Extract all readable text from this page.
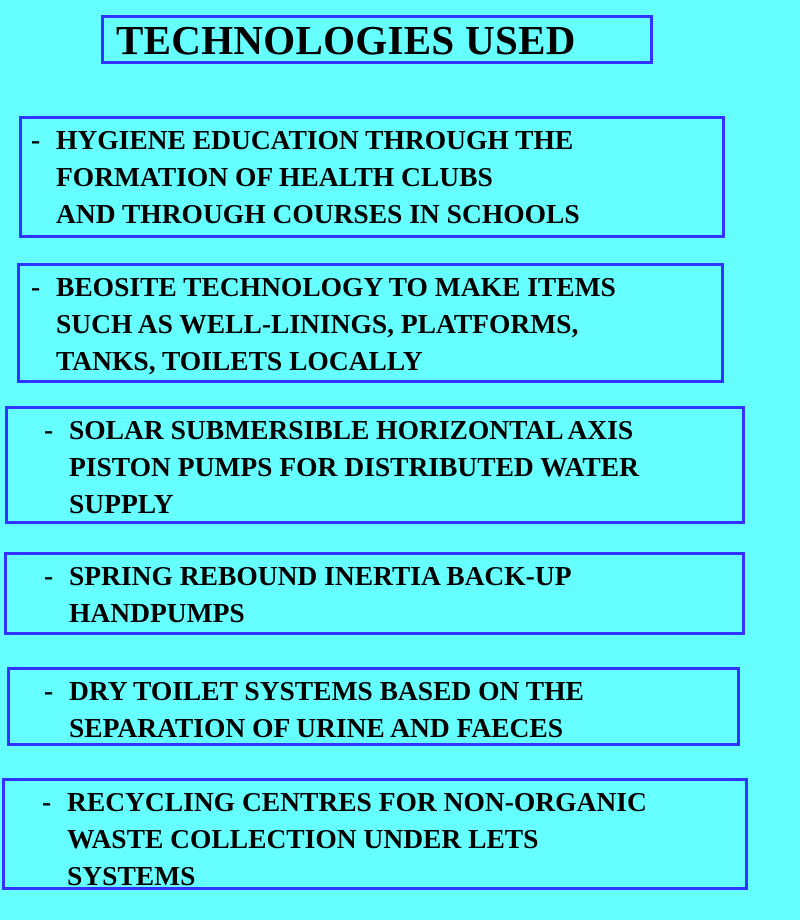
TECHNOLOGIES USED
- HYGIENE EDUCATION THROUGH THE
FORMATION OF HEALTH CLUBS
AND THROUGH COURSES IN SCHOOLS
- BEOSITE TECHNOLOGY TO MAKE ITEMS
SUCH AS WELL-LININGS, PLATFORMS,
TANKS, TOILETS LOCALLY
- SOLAR SUBMERSIBLE HORIZONTAL AXIS
PISTON PUMPS FOR DISTRIBUTED WATER
SUPPLY
- SPRING REBOUND INERTIA BACK-UP
HANDPUMPS
- DRY TOILET SYSTEMS BASED ON THE
SEPARATION OF URINE AND FAECES
- RECYCLING CENTRES FOR NON-ORGANIC
WASTE COLLECTION UNDER LETS
SYSTEMS
